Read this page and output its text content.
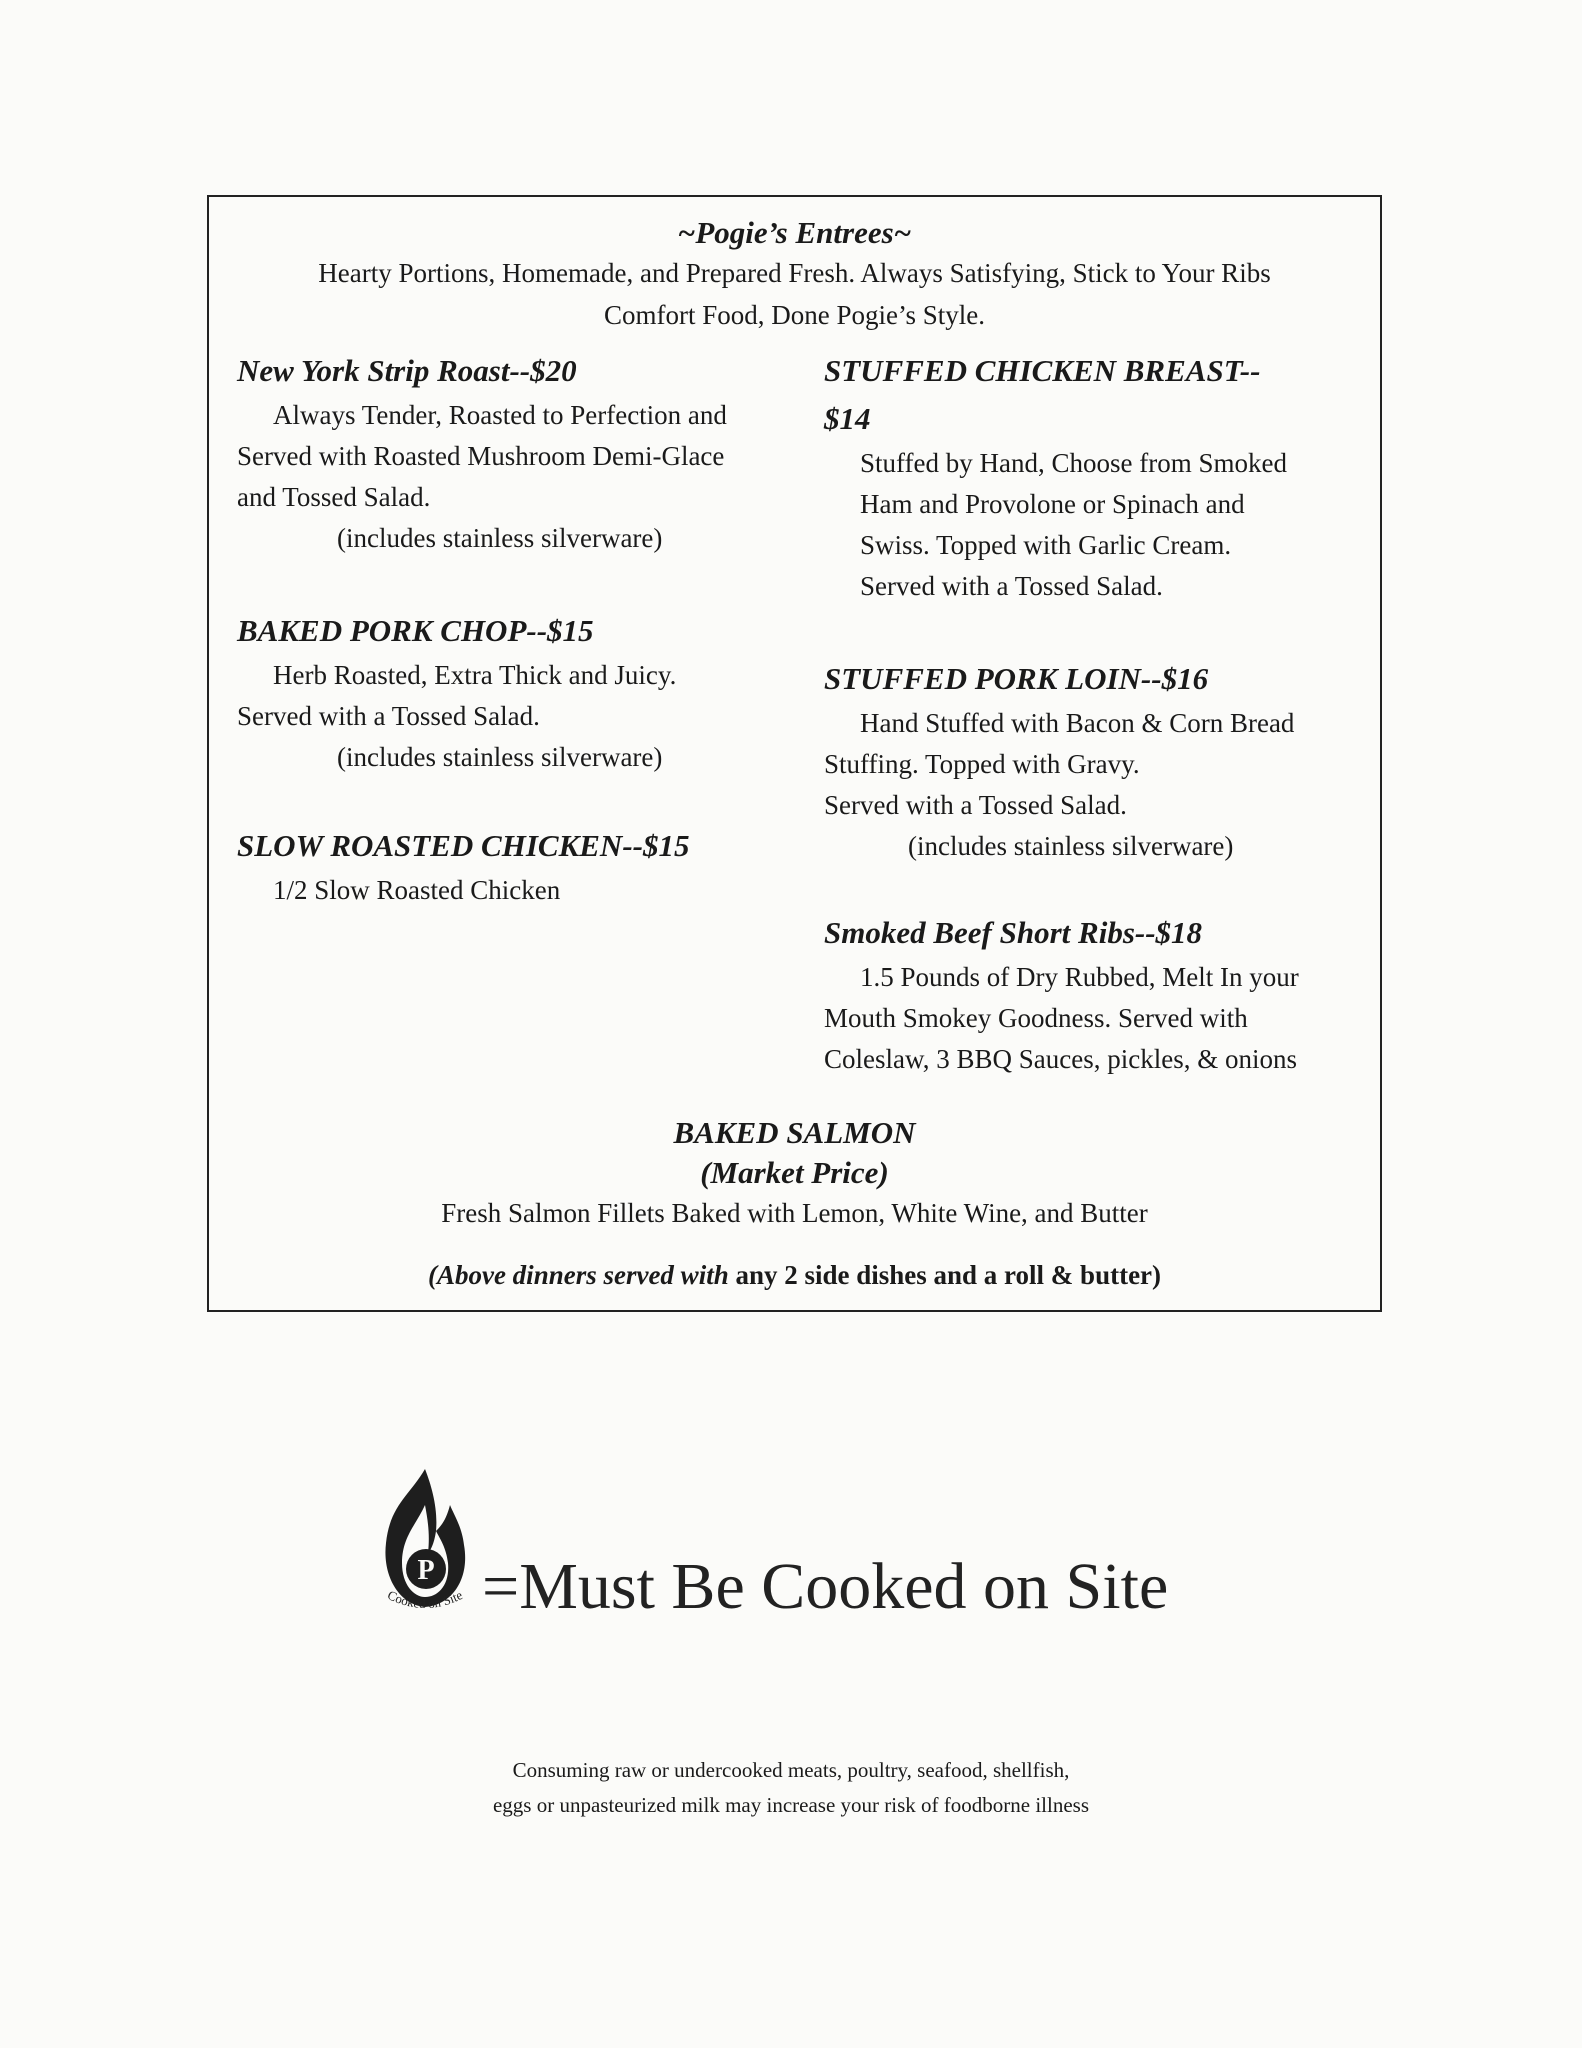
~Pogie’s Entrees~
Hearty Portions, Homemade, and Prepared Fresh. Always Satisfying, Stick to Your Ribs
Comfort Food, Done Pogie’s Style.

New York Strip Roast--$20

Always Tender, Roasted to Perfection and

Served with Roasted Mushroom Demi-Glace

and Tossed Salad.

(includes stainless silverware)

BAKED PORK CHOP--$15

Herb Roasted, Extra Thick and Juicy.

Served with a Tossed Salad.

(includes stainless silverware)

SLOW ROASTED CHICKEN--$15

1/2 Slow Roasted Chicken

STUFFED CHICKEN BREAST--

$14

Stuffed by Hand, Choose from Smoked

Ham and Provolone or Spinach and

Swiss. Topped with Garlic Cream.

Served with a Tossed Salad.

STUFFED PORK LOIN--$16

Hand Stuffed with Bacon & Corn Bread

Stuffing. Topped with Gravy.

Served with a Tossed Salad.

(includes stainless silverware)

Smoked Beef Short Ribs--$18

1.5 Pounds of Dry Rubbed, Melt In your

Mouth Smokey Goodness. Served with

Coleslaw, 3 BBQ Sauces, pickles, & onions

BAKED SALMON

(Market Price)

Fresh Salmon Fillets Baked with Lemon, White Wine, and Butter

(Above dinners served with any 2 side dishes and a roll & butter)

P
Cooked on Site =Must Be Cooked on Site
Consuming raw or undercooked meats, poultry, seafood, shellfish,
eggs or unpasteurized milk may increase your risk of foodborne illness
